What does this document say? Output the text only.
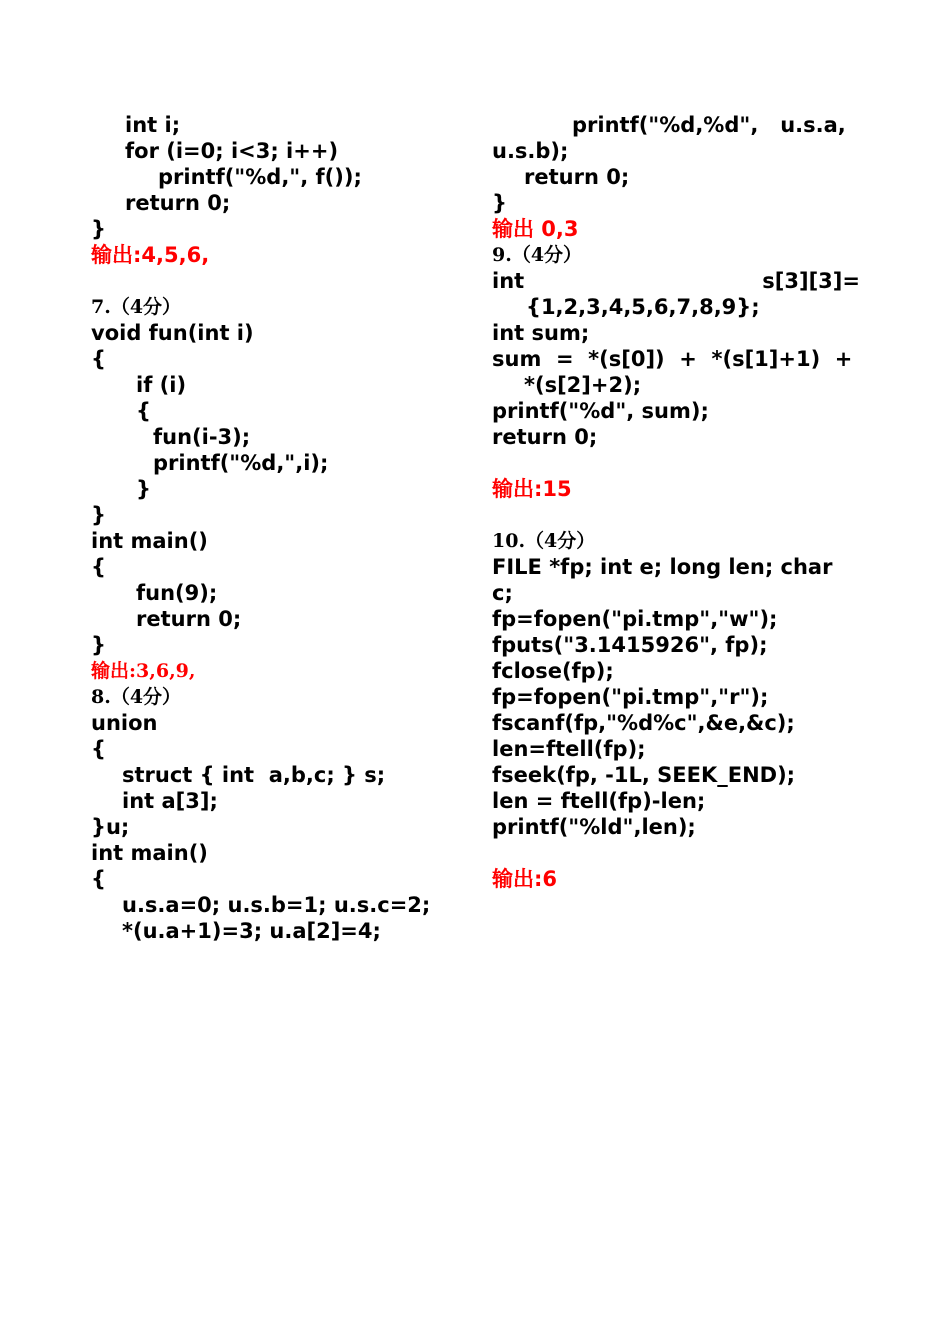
int i;
for (i=0; i<3; i++)
printf("%d,", f());
return 0;
}
输出:4,5,6,
7.（4分）
void fun(int i)
{
if (i)
{
fun(i-3);
printf("%d,",i);
}
}
int main()
{
fun(9);
return 0;
}
输出:3,6,9,
8.（4分）
union
{
struct { int  a,b,c; } s;
int a[3];
}u;
int main()
{
u.s.a=0; u.s.b=1; u.s.c=2;
*(u.a+1)=3; u.a[2]=4;
printf("%d,%d",   u.s.a,
u.s.b);
return 0;
}
输出 0,3
9.（4分）
int	s[3][3]=
{1,2,3,4,5,6,7,8,9};
int sum;
sum  =  *(s[0])  +  *(s[1]+1)  +
*(s[2]+2);
printf("%d", sum);
return 0;
输出:15
10.（4分）
FILE *fp; int e; long len; char
c;
fp=fopen("pi.tmp","w");
fputs("3.1415926", fp);
fclose(fp);
fp=fopen("pi.tmp","r");
fscanf(fp,"%d%c",&e,&c);
len=ftell(fp);
fseek(fp, -1L, SEEK_END);
len = ftell(fp)-len;
printf("%ld",len);
输出:6
